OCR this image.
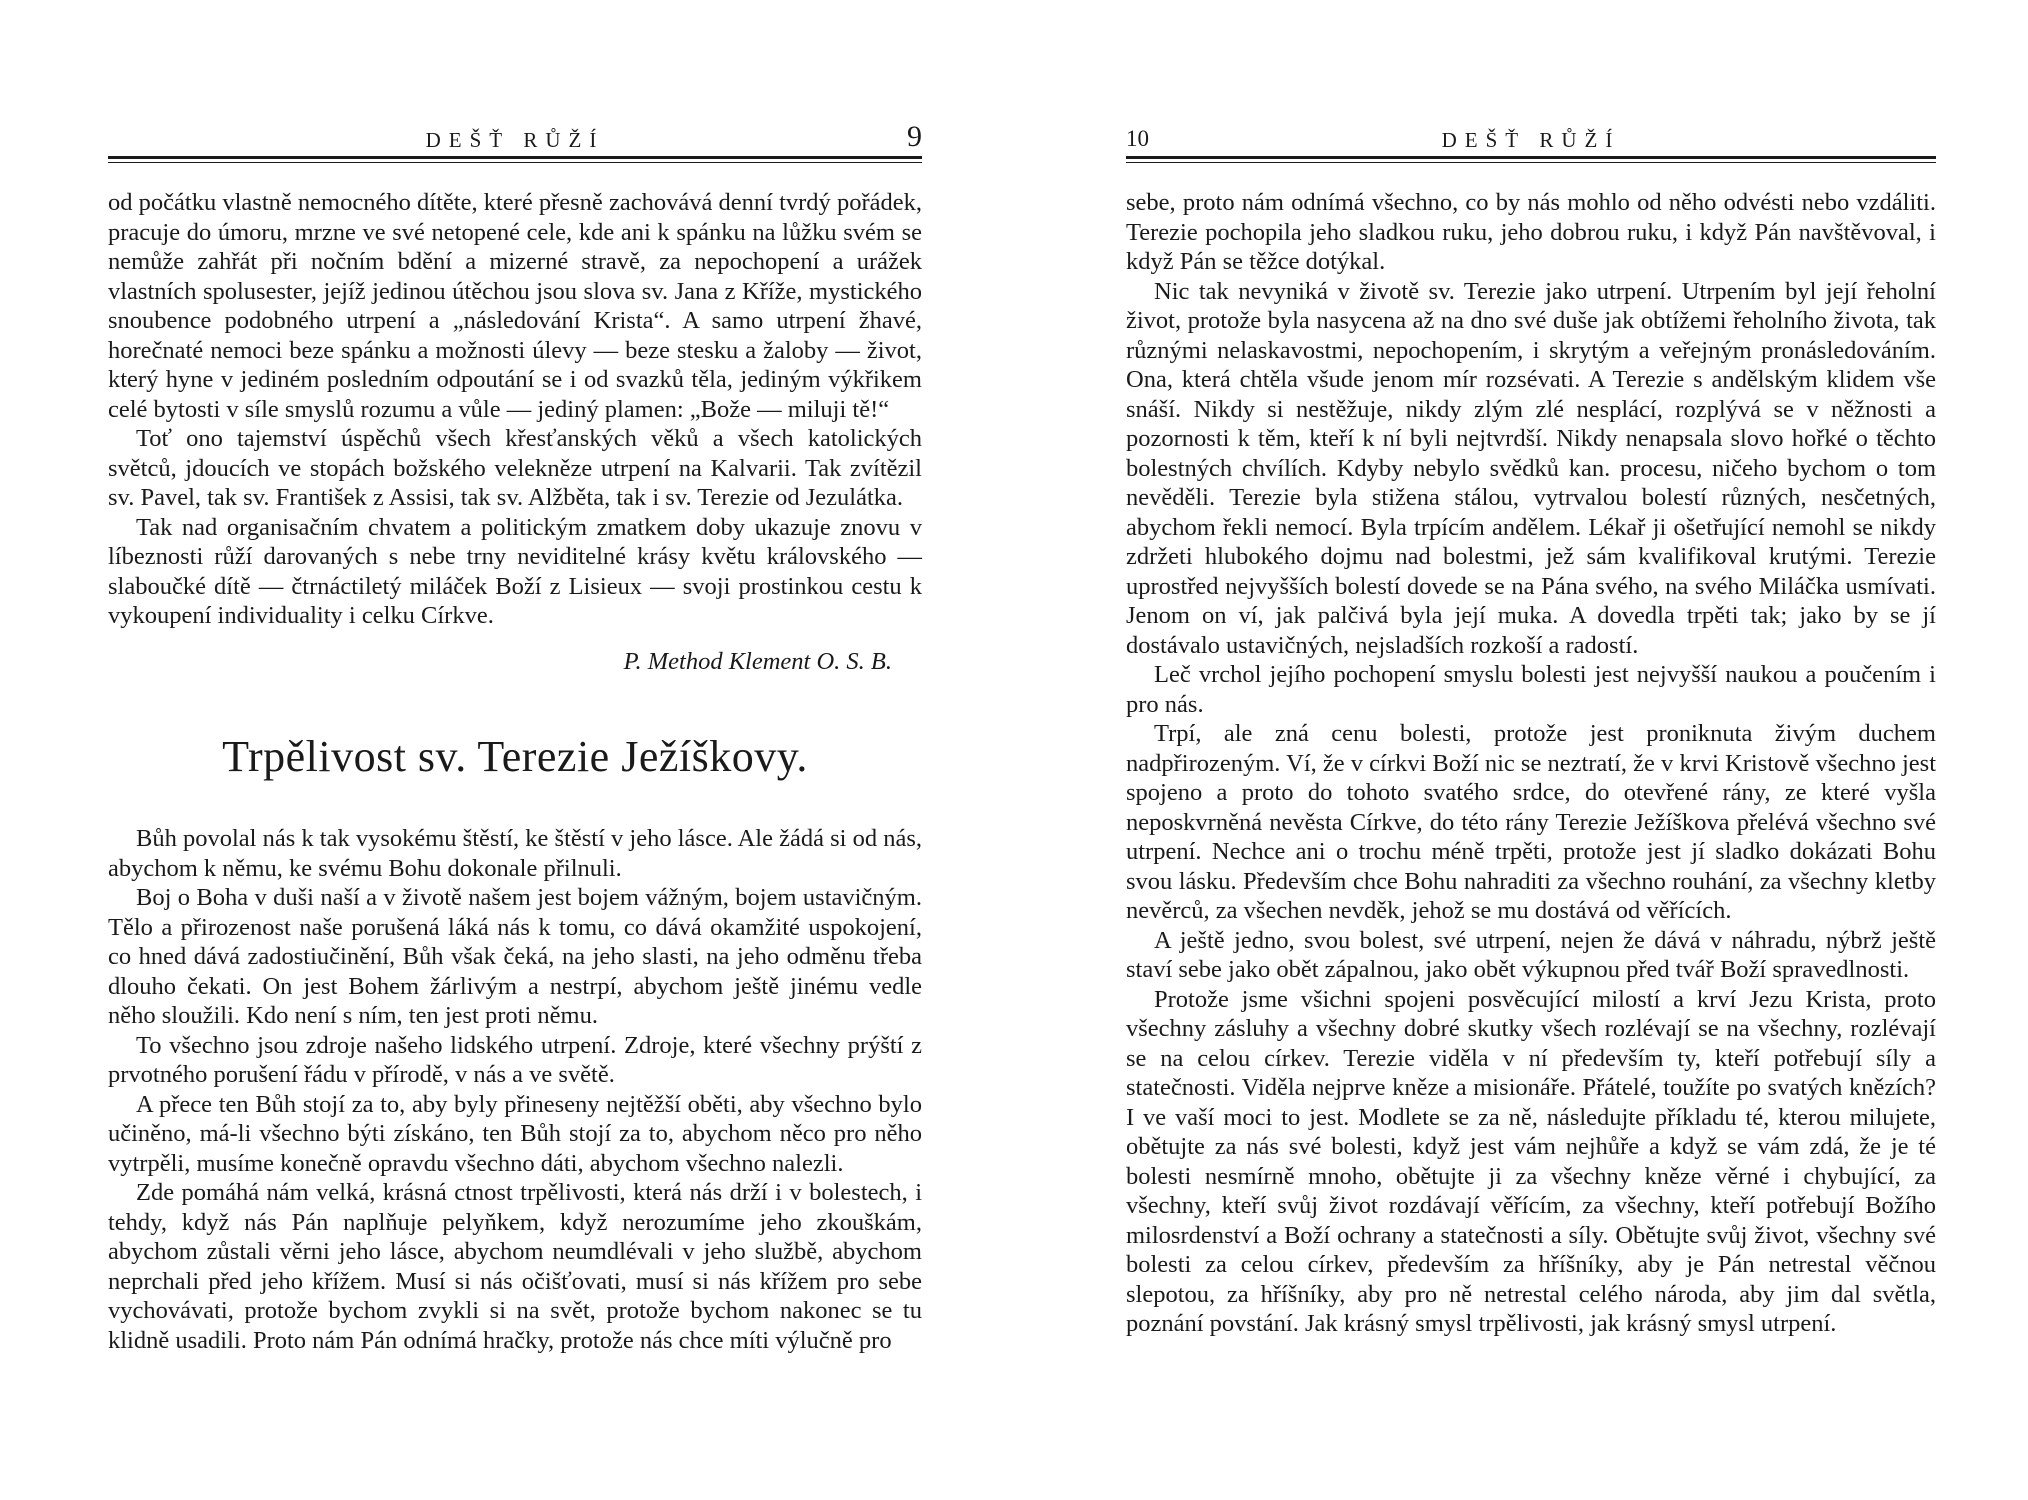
DEŠŤ RŮŽÍ	9

od počátku vlastně nemocného dítěte, které přesně zachovává denní tvrdý pořádek, pracuje do úmoru, mrzne ve své netopené cele, kde ani k spánku na lůžku svém se nemůže zahřát při nočním bdění a mizerné stravě, za nepochopení a urážek vlastních spolusester, jejíž jedinou útěchou jsou slova sv. Jana z Kříže, mystického snoubence podobného utrpení a „následování Krista“. A samo utrpení žhavé, horečnaté nemoci beze spánku a možnosti úlevy — beze stesku a žaloby — život, který hyne v jediném posledním odpoutání se i od svazků těla, jediným výkřikem celé bytosti v síle smyslů rozumu a vůle — jediný plamen: „Bože — miluji tě!“

Toť ono tajemství úspěchů všech křesťanských věků a všech katolických světců, jdoucích ve stopách božského velekněze utrpení na Kalvarii. Tak zvítězil sv. Pavel, tak sv. František z Assisi, tak sv. Alžběta, tak i sv. Terezie od Jezulátka.

Tak nad organisačním chvatem a politickým zmatkem doby ukazuje znovu v líbeznosti růží darovaných s nebe trny neviditelné krásy květu královského — slaboučké dítě — čtrnáctiletý miláček Boží z Lisieux — svoji prostinkou cestu k vykoupení individuality i celku Církve.

P. Method Klement O. S. B.

Trpělivost sv. Terezie Ježíškovy.

Bůh povolal nás k tak vysokému štěstí, ke štěstí v jeho lásce. Ale žádá si od nás, abychom k němu, ke svému Bohu dokonale přilnuli.

Boj o Boha v duši naší a v životě našem jest bojem vážným, bojem ustavičným. Tělo a přirozenost naše porušená láká nás k tomu, co dává okamžité uspokojení, co hned dává zadostiučinění, Bůh však čeká, na jeho slasti, na jeho odměnu třeba dlouho čekati. On jest Bohem žárlivým a nestrpí, abychom ještě jinému vedle něho sloužili. Kdo není s ním, ten jest proti němu.

To všechno jsou zdroje našeho lidského utrpení. Zdroje, které všechny prýští z prvotného porušení řádu v přírodě, v nás a ve světě.

A přece ten Bůh stojí za to, aby byly přineseny nejtěžší oběti, aby všechno bylo učiněno, má-li všechno býti získáno, ten Bůh stojí za to, abychom něco pro něho vytrpěli, musíme konečně opravdu všechno dáti, abychom všechno nalezli.

Zde pomáhá nám velká, krásná ctnost trpělivosti, která nás drží i v bolestech, i tehdy, když nás Pán naplňuje pelyňkem, když nerozumíme jeho zkouškám, abychom zůstali věrni jeho lásce, abychom neumdlévali v jeho službě, abychom neprchali před jeho křížem. Musí si nás očišťovati, musí si nás křížem pro sebe vychovávati, protože bychom zvykli si na svět, protože bychom nakonec se tu klidně usadili. Proto nám Pán odnímá hračky, protože nás chce míti výlučně pro

10	DEŠŤ RŮŽÍ

sebe, proto nám odnímá všechno, co by nás mohlo od něho odvésti nebo vzdáliti. Terezie pochopila jeho sladkou ruku, jeho dobrou ruku, i když Pán navštěvoval, i když Pán se těžce dotýkal.

Nic tak nevyniká v životě sv. Terezie jako utrpení. Utrpením byl její řeholní život, protože byla nasycena až na dno své duše jak obtížemi řeholního života, tak různými nelaskavostmi, nepochopením, i skrytým a veřejným pronásledováním. Ona, která chtěla všude jenom mír rozsévati. A Terezie s andělským klidem vše snáší. Nikdy si nestěžuje, nikdy zlým zlé nesplácí, rozplývá se v něžnosti a pozornosti k těm, kteří k ní byli nejtvrdší. Nikdy nenapsala slovo hořké o těchto bolestných chvílích. Kdyby nebylo svědků kan. procesu, ničeho bychom o tom nevěděli. Terezie byla stižena stálou, vytrvalou bolestí různých, nesčetných, abychom řekli nemocí. Byla trpícím andělem. Lékař ji ošetřující nemohl se nikdy zdržeti hlubokého dojmu nad bolestmi, jež sám kvalifikoval krutými. Terezie uprostřed nejvyšších bolestí dovede se na Pána svého, na svého Miláčka usmívati. Jenom on ví, jak palčivá byla její muka. A dovedla trpěti tak; jako by se jí dostávalo ustavičných, nejsladších rozkoší a radostí.

Leč vrchol jejího pochopení smyslu bolesti jest nejvyšší naukou a poučením i pro nás.

Trpí, ale zná cenu bolesti, protože jest proniknuta živým duchem nadpřirozeným. Ví, že v církvi Boží nic se neztratí, že v krvi Kristově všechno jest spojeno a proto do tohoto svatého srdce, do otevřené rány, ze které vyšla neposkvrněná nevěsta Církve, do této rány Terezie Ježíškova přelévá všechno své utrpení. Nechce ani o trochu méně trpěti, protože jest jí sladko dokázati Bohu svou lásku. Především chce Bohu nahraditi za všechno rouhání, za všechny kletby nevěrců, za všechen nevděk, jehož se mu dostává od věřících.

A ještě jedno, svou bolest, své utrpení, nejen že dává v náhradu, nýbrž ještě staví sebe jako obět zápalnou, jako obět výkupnou před tvář Boží spravedlnosti.

Protože jsme všichni spojeni posvěcující milostí a krví Jezu Krista, proto všechny zásluhy a všechny dobré skutky všech rozlévají se na všechny, rozlévají se na celou církev. Terezie viděla v ní především ty, kteří potřebují síly a statečnosti. Viděla nejprve kněze a misionáře. Přátelé, toužíte po svatých knězích? I ve vaší moci to jest. Modlete se za ně, následujte příkladu té, kterou milujete, obětujte za nás své bolesti, když jest vám nejhůře a když se vám zdá, že je té bolesti nesmírně mnoho, obětujte ji za všechny kněze věrné i chybující, za všechny, kteří svůj život rozdávají věřícím, za všechny, kteří potřebují Božího milosrdenství a Boží ochrany a statečnosti a síly. Obětujte svůj život, všechny své bolesti za celou církev, především za hříšníky, aby je Pán netrestal věčnou slepotou, za hříšníky, aby pro ně netrestal celého národa, aby jim dal světla, poznání povstání. Jak krásný smysl trpělivosti, jak krásný smysl utrpení.
